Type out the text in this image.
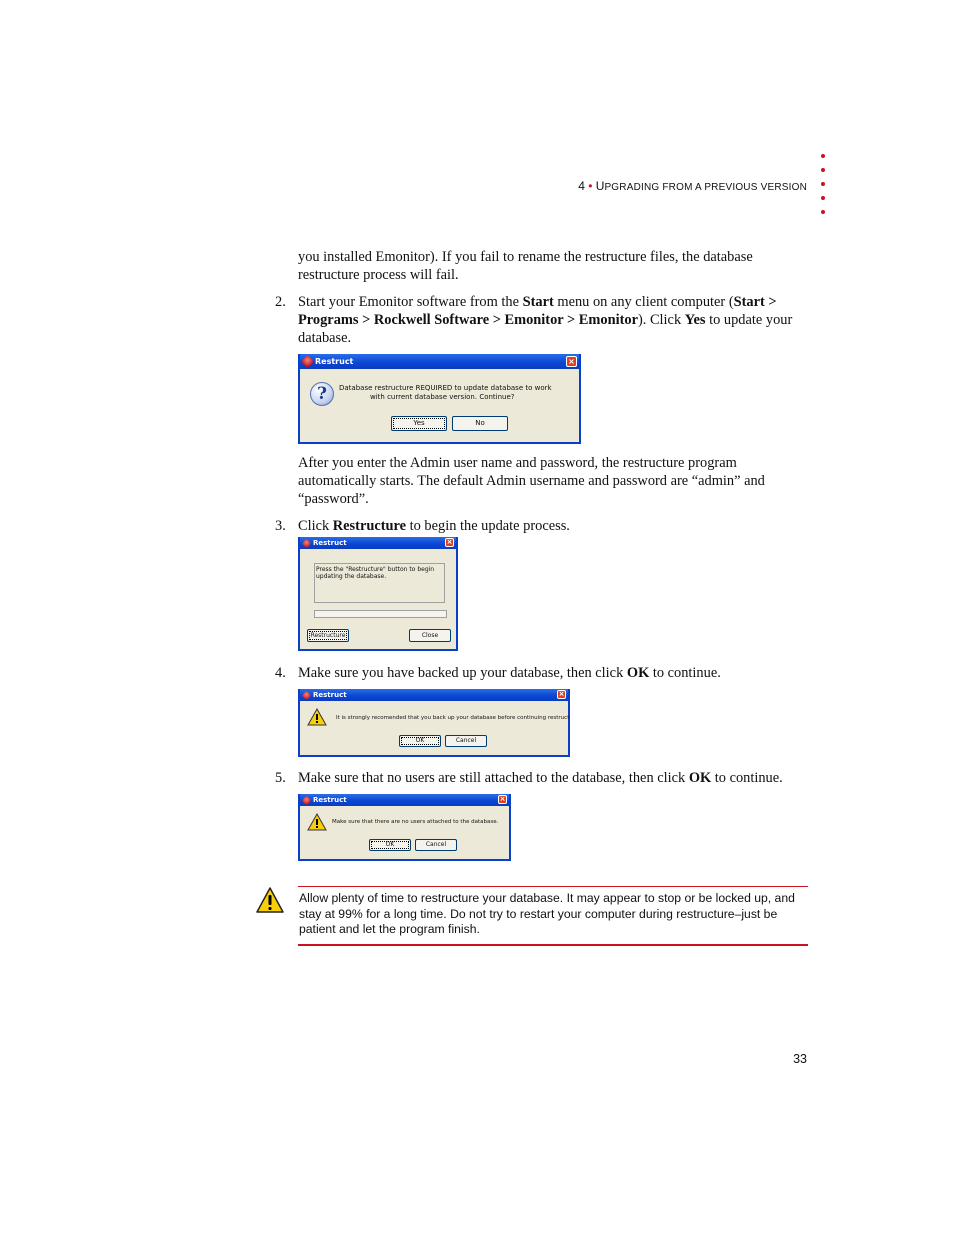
4 • UPGRADING FROM A PREVIOUS VERSION
you installed Emonitor). If you fail to rename the restructure files, the database restructure process will fail.
2. Start your Emonitor software from the Start menu on any client computer (Start > Programs > Rockwell Software > Emonitor > Emonitor). Click Yes to update your database.
Restruct	×
?	Database restructure REQUIRED to update database to work
with current database version. Continue?
Yes	No
After you enter the Admin user name and password, the restructure program automatically starts. The default Admin username and password are “admin” and “password”.
3. Click Restructure to begin the update process.
Restruct	×
Press the "Restructure" button to begin
updating the database.
Restructure	Close
4. Make sure you have backed up your database, then click OK to continue.
Restruct	×
It is strongly recomended that you back up your database before continuing restruct
OK	Cancel
5. Make sure that no users are still attached to the database, then click OK to continue.
Restruct	×
Make sure that there are no users attached to the database.
OK	Cancel
Allow plenty of time to restructure your database. It may appear to stop or be locked up, and stay at 99% for a long time. Do not try to restart your computer during restructure–just be patient and let the program finish.
33
